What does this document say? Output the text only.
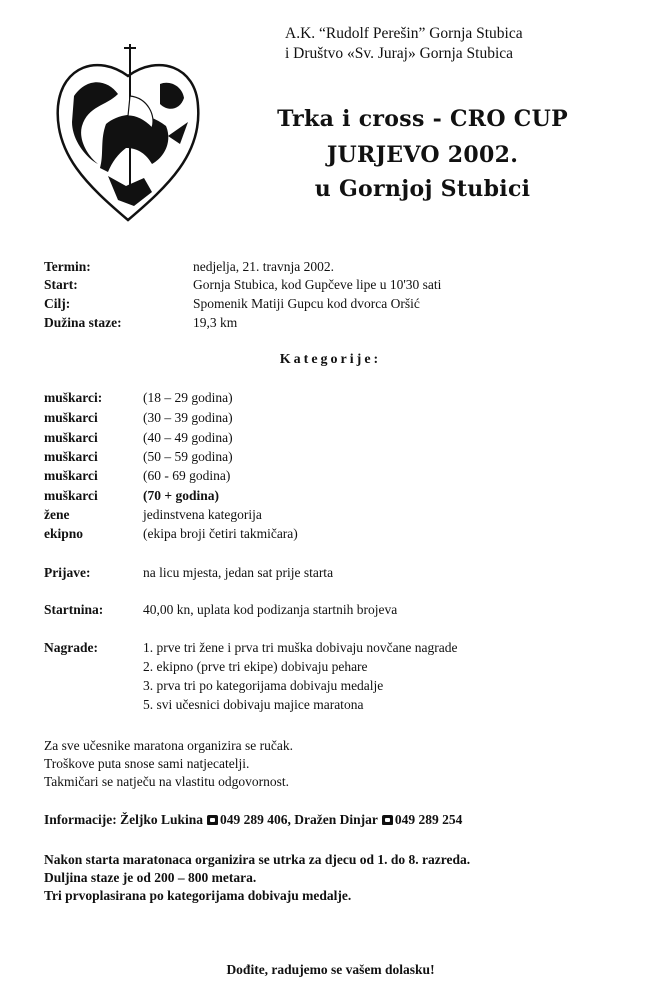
A.K. “Rudolf Perešin” Gornja Stubica
i Društvo «Sv. Juraj» Gornja Stubica
Trka i cross - CRO CUP
JURJEVO 2002.
u Gornjoj Stubici
Termin:	nedjelja, 21. travnja 2002.
Start:	Gornja Stubica, kod Gupčeve lipe u 10'30 sati
Cilj:	Spomenik Matiji Gupcu kod dvorca Oršić
Dužina staze:	19,3 km
Kategorije:
muškarci:	(18 – 29 godina)
muškarci	(30 – 39 godina)
muškarci	(40 – 49 godina)
muškarci	(50 – 59 godina)
muškarci	(60 - 69 godina)
muškarci	(70 + godina)
žene	jedinstvena kategorija
ekipno	(ekipa broji četiri takmičara)
Prijave:	na licu mjesta, jedan sat prije starta
Startnina:	40,00 kn, uplata kod podizanja startnih brojeva
Nagrade:	1. prve tri žene i prva tri muška dobivaju novčane nagrade
2. ekipno (prve tri ekipe) dobivaju pehare
3. prva tri po kategorijama dobivaju medalje
5. svi učesnici dobivaju majice maratona
Za sve učesnike maratona organizira se ručak.
Troškove puta snose sami natjecatelji.
Takmičari se natječu na vlastitu odgovornost.
Informacije: Željko Lukina 049 289 406, Dražen Dinjar 049 289 254
Nakon starta maratonaca organizira se utrka za djecu od 1. do 8. razreda.
Duljina staze je od 200 – 800 metara.
Tri prvoplasirana po kategorijama dobivaju medalje.
Dođite, radujemo se vašem dolasku!
